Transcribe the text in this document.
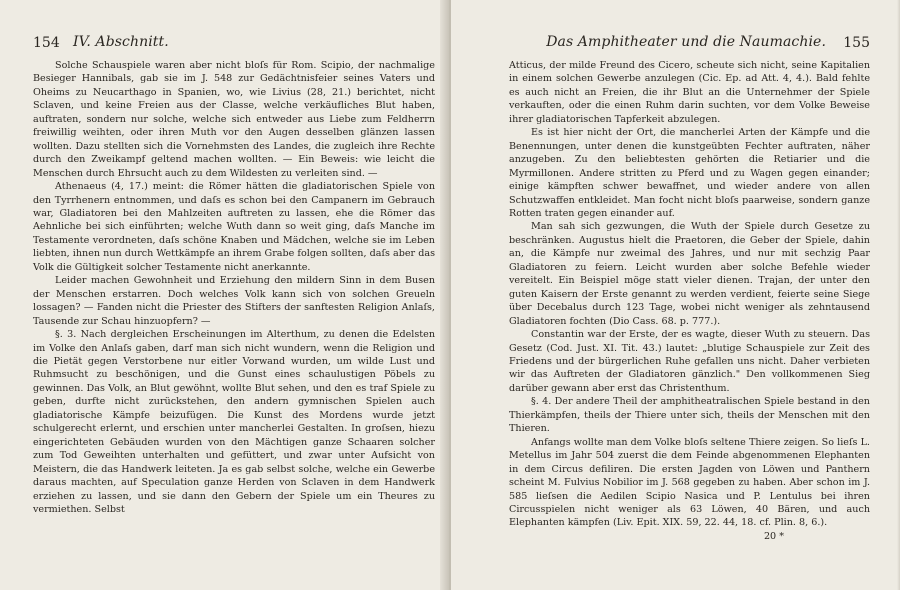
154 IV. Abschnitt.

Solche Schauspiele waren aber nicht bloſs für Rom. Scipio, der nachmalige Besieger Hannibals, gab sie im J. 548 zur Gedächtnisfeier seines Vaters und Oheims zu Neucarthago in Spanien, wo, wie Livius (28, 21.) berichtet, nicht Sclaven, und keine Freien aus der Classe, welche verkäufliches Blut haben, auftraten, sondern nur solche, welche sich entweder aus Liebe zum Feldherrn freiwillig weihten, oder ihren Muth vor den Augen desselben glänzen lassen wollten. Dazu stellten sich die Vornehmsten des Landes, die zugleich ihre Rechte durch den Zweikampf geltend machen wollten. — Ein Beweis: wie leicht die Menschen durch Ehrsucht auch zu dem Wildesten zu verleiten sind. —

Athenaeus (4, 17.) meint: die Römer hätten die gladiatorischen Spiele von den Tyrrhenern entnommen, und daſs es schon bei den Campanern im Gebrauch war, Gladiatoren bei den Mahlzeiten auftreten zu lassen, ehe die Römer das Aehnliche bei sich einführten; welche Wuth dann so weit ging, daſs Manche im Testamente verordneten, daſs schöne Knaben und Mädchen, welche sie im Leben liebten, ihnen nun durch Wettkämpfe an ihrem Grabe folgen sollten, daſs aber das Volk die Gültigkeit solcher Testamente nicht anerkannte.

Leider machen Gewohnheit und Erziehung den mildern Sinn in dem Busen der Menschen erstarren. Doch welches Volk kann sich von solchen Greueln lossagen? — Fanden nicht die Priester des Stifters der sanftesten Religion Anlaſs, Tausende zur Schau hinzuopfern? —

§. 3. Nach dergleichen Erscheinungen im Alterthum, zu denen die Edelsten im Volke den Anlaſs gaben, darf man sich nicht wundern, wenn die Religion und die Pietät gegen Verstorbene nur eitler Vorwand wurden, um wilde Lust und Ruhmsucht zu beschönigen, und die Gunst eines schaulustigen Pöbels zu gewinnen. Das Volk, an Blut gewöhnt, wollte Blut sehen, und den es traf Spiele zu geben, durfte nicht zurückstehen, den andern gymnischen Spielen auch gladiatorische Kämpfe beizufügen. Die Kunst des Mordens wurde jetzt schulgerecht erlernt, und erschien unter mancherlei Gestalten. In groſsen, hiezu eingerichteten Gebäuden wurden von den Mächtigen ganze Schaaren solcher zum Tod Geweihten unterhalten und gefüttert, und zwar unter Aufsicht von Meistern, die das Handwerk leiteten. Ja es gab selbst solche, welche ein Gewerbe daraus machten, auf Speculation ganze Herden von Sclaven in dem Handwerk erziehen zu lassen, und sie dann den Gebern der Spiele um ein Theures zu vermiethen. Selbst

Das Amphitheater und die Naumachie. 155

Atticus, der milde Freund des Cicero, scheute sich nicht, seine Kapitalien in einem solchen Gewerbe anzulegen (Cic. Ep. ad Att. 4, 4.). Bald fehlte es auch nicht an Freien, die ihr Blut an die Unternehmer der Spiele verkauften, oder die einen Ruhm darin suchten, vor dem Volke Beweise ihrer gladiatorischen Tapferkeit abzulegen.

Es ist hier nicht der Ort, die mancherlei Arten der Kämpfe und die Benennungen, unter denen die kunstgeübten Fechter auftraten, näher anzugeben. Zu den beliebtesten gehörten die Retiarier und die Myrmillonen. Andere stritten zu Pferd und zu Wagen gegen einander; einige kämpften schwer bewaffnet, und wieder andere von allen Schutzwaffen entkleidet. Man focht nicht bloſs paarweise, sondern ganze Rotten traten gegen einander auf.

Man sah sich gezwungen, die Wuth der Spiele durch Gesetze zu beschränken. Augustus hielt die Praetoren, die Geber der Spiele, dahin an, die Kämpfe nur zweimal des Jahres, und nur mit sechzig Paar Gladiatoren zu feiern. Leicht wurden aber solche Befehle wieder vereitelt. Ein Beispiel möge statt vieler dienen. Trajan, der unter den guten Kaisern der Erste genannt zu werden verdient, feierte seine Siege über Decebalus durch 123 Tage, wobei nicht weniger als zehntausend Gladiatoren fochten (Dio Cass. 68. p. 777.).

Constantin war der Erste, der es wagte, dieser Wuth zu steuern. Das Gesetz (Cod. Just. XI. Tit. 43.) lautet: „blutige Schauspiele zur Zeit des Friedens und der bürgerlichen Ruhe gefallen uns nicht. Daher verbieten wir das Auftreten der Gladiatoren gänzlich." Den vollkommenen Sieg darüber gewann aber erst das Christenthum.

§. 4. Der andere Theil der amphitheatralischen Spiele bestand in den Thierkämpfen, theils der Thiere unter sich, theils der Menschen mit den Thieren.

Anfangs wollte man dem Volke bloſs seltene Thiere zeigen. So lieſs L. Metellus im Jahr 504 zuerst die dem Feinde abgenommenen Elephanten in dem Circus defiliren. Die ersten Jagden von Löwen und Panthern scheint M. Fulvius Nobilior im J. 568 gegeben zu haben. Aber schon im J. 585 lieſsen die Aedilen Scipio Nasica und P. Lentulus bei ihren Circusspielen nicht weniger als 63 Löwen, 40 Bären, und auch Elephanten kämpfen (Liv. Epit. XIX. 59, 22. 44, 18. cf. Plin. 8, 6.).

20 *
